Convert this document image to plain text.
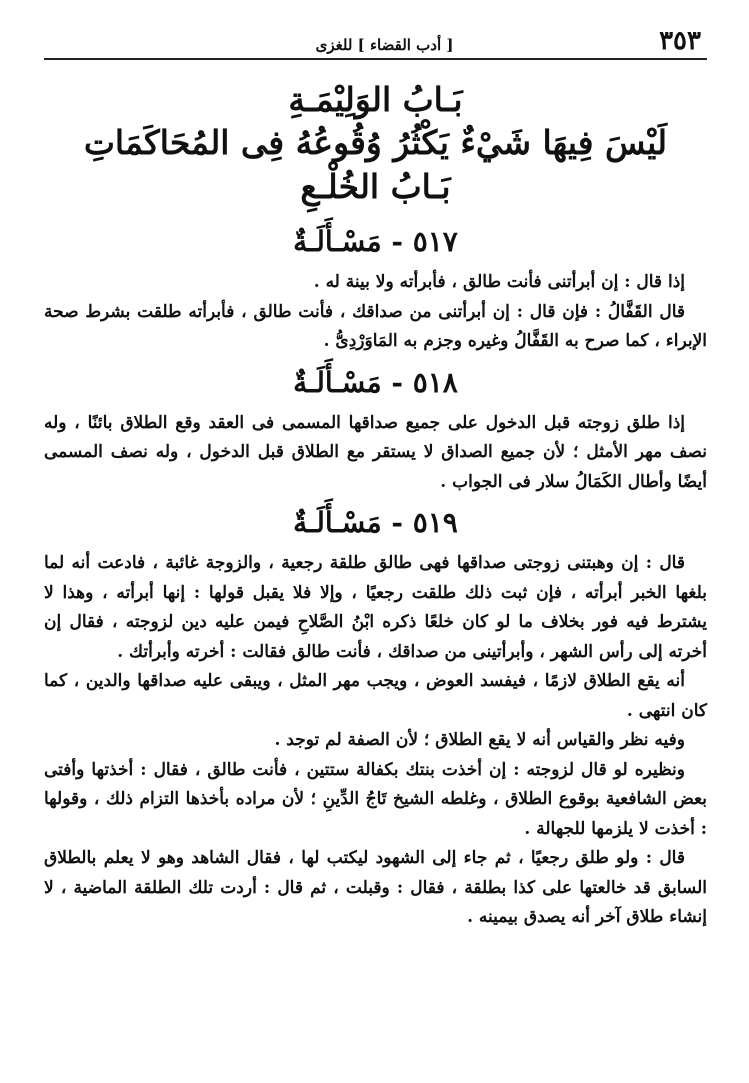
٣٥٣
[ أدب القضاء ] للغزى
بَـابُ الوَلِيْمَـةِ
لَيْسَ فِيهَا شَيْءٌ يَكْثُرُ وُقُوعُهُ فِى المُحَاكَمَاتِ
بَـابُ الخُلْـعِ
٥١٧ - مَسْـأَلَـةٌ

إذا قال : إن أبرأتنى فأنت طالق ، فأبرأته ولا بينة له .

قال القَفَّالُ : فإن قال : إن أبرأتنى من صداقك ، فأنت طالق ، فأبرأته طلقت بشرط صحة الإبراء ، كما صرح به القَفَّالُ وغيره وجزم به المَاوَرْدِىُّ .

٥١٨ - مَسْـأَلَـةٌ

إذا طلق زوجته قبل الدخول على جميع صداقها المسمى فى العقد وقع الطلاق بائنًا ، وله نصف مهر الأمثل ؛ لأن جميع الصداق لا يستقر مع الطلاق قبل الدخول ، وله نصف المسمى أيضًا وأطال الكَمَالُ سلار فى الجواب .

٥١٩ - مَسْـأَلَـةٌ

قال : إن وهبتنى زوجتى صداقها فهى طالق طلقة رجعية ، والزوجة غائبة ، فادعت أنه لما بلغها الخبر أبرأته ، فإن ثبت ذلك طلقت رجعيًا ، وإلا فلا يقبل قولها : إنها أبرأته ، وهذا لا يشترط فيه فور بخلاف ما لو كان خلعًا ذكره ابْنُ الصَّلاحِ فيمن عليه دين لزوجته ، فقال إن أخرته إلى رأس الشهر ، وأبرأتينى من صداقك ، فأنت طالق فقالت : أخرته وأبرأتك .

أنه يقع الطلاق لازمًا ، فيفسد العوض ، ويجب مهر المثل ، ويبقى عليه صداقها والدين ، كما كان انتهى .

وفيه نظر والقياس أنه لا يقع الطلاق ؛ لأن الصفة لم توجد .

ونظيره لو قال لزوجته : إن أخذت بنتك بكفالة ستتين ، فأنت طالق ، فقال : أخذتها وأفتى بعض الشافعية بوقوع الطلاق ، وغلطه الشيخ تَاجُ الدِّينِ ؛ لأن مراده بأخذها التزام ذلك ، وقولها : أخذت لا يلزمها للجهالة .

قال : ولو طلق رجعيًا ، ثم جاء إلى الشهود ليكتب لها ، فقال الشاهد وهو لا يعلم بالطلاق السابق قد خالعتها على كذا بطلقة ، فقال : وقبلت ، ثم قال : أردت تلك الطلقة الماضية ، لا إنشاء طلاق آخر أنه يصدق بيمينه .
